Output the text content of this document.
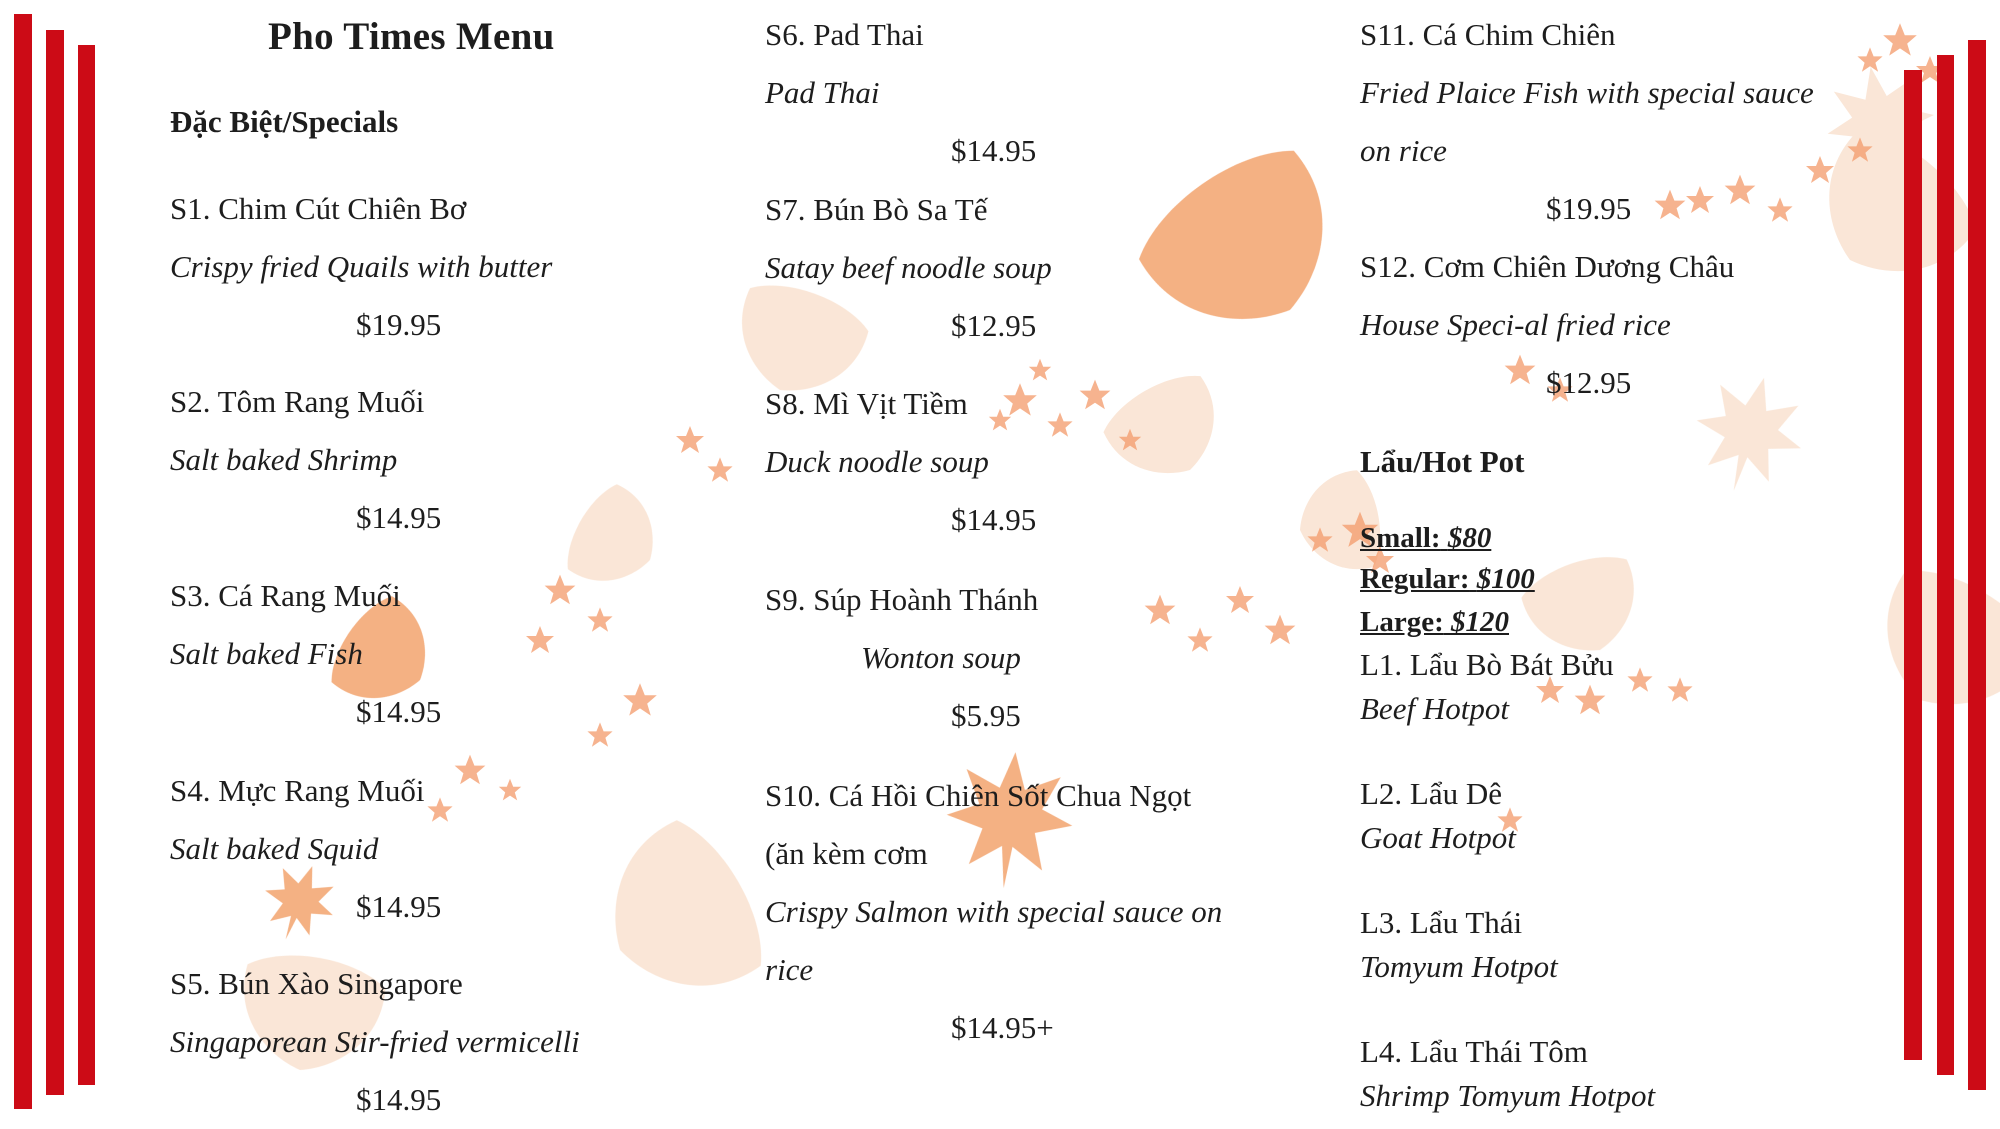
Pho Times Menu
Đặc Biệt/Specials
S1. Chim Cút Chiên Bơ
Crispy fried Quails with butter
$19.95
S2. Tôm Rang Muối
Salt baked Shrimp
$14.95
S3. Cá Rang Muối
Salt baked Fish
$14.95
S4. Mực Rang Muối
Salt baked Squid
$14.95
S5. Bún Xào Singapore
Singaporean Stir-fried vermicelli
$14.95
S6. Pad Thai
Pad Thai
$14.95
S7. Bún Bò Sa Tế
Satay beef noodle soup
$12.95
S8. Mì Vịt Tiềm
Duck noodle soup
$14.95
S9. Súp Hoành Thánh
Wonton soup
$5.95
S10. Cá Hồi Chiên Sốt Chua Ngọt
(ăn kèm cơm
Crispy Salmon with special sauce on
rice
$14.95+
S11. Cá Chim Chiên
Fried Plaice Fish with special sauce
on rice
$19.95
S12. Cơm Chiên Dương Châu
House Speci-al fried rice
$12.95
Lẩu/Hot Pot
Small: $80
Regular: $100
Large: $120
L1. Lẩu Bò Bát Bửu
Beef Hotpot
L2. Lẩu Dê
Goat Hotpot
L3. Lẩu Thái
Tomyum Hotpot
L4. Lẩu Thái Tôm
Shrimp Tomyum Hotpot
